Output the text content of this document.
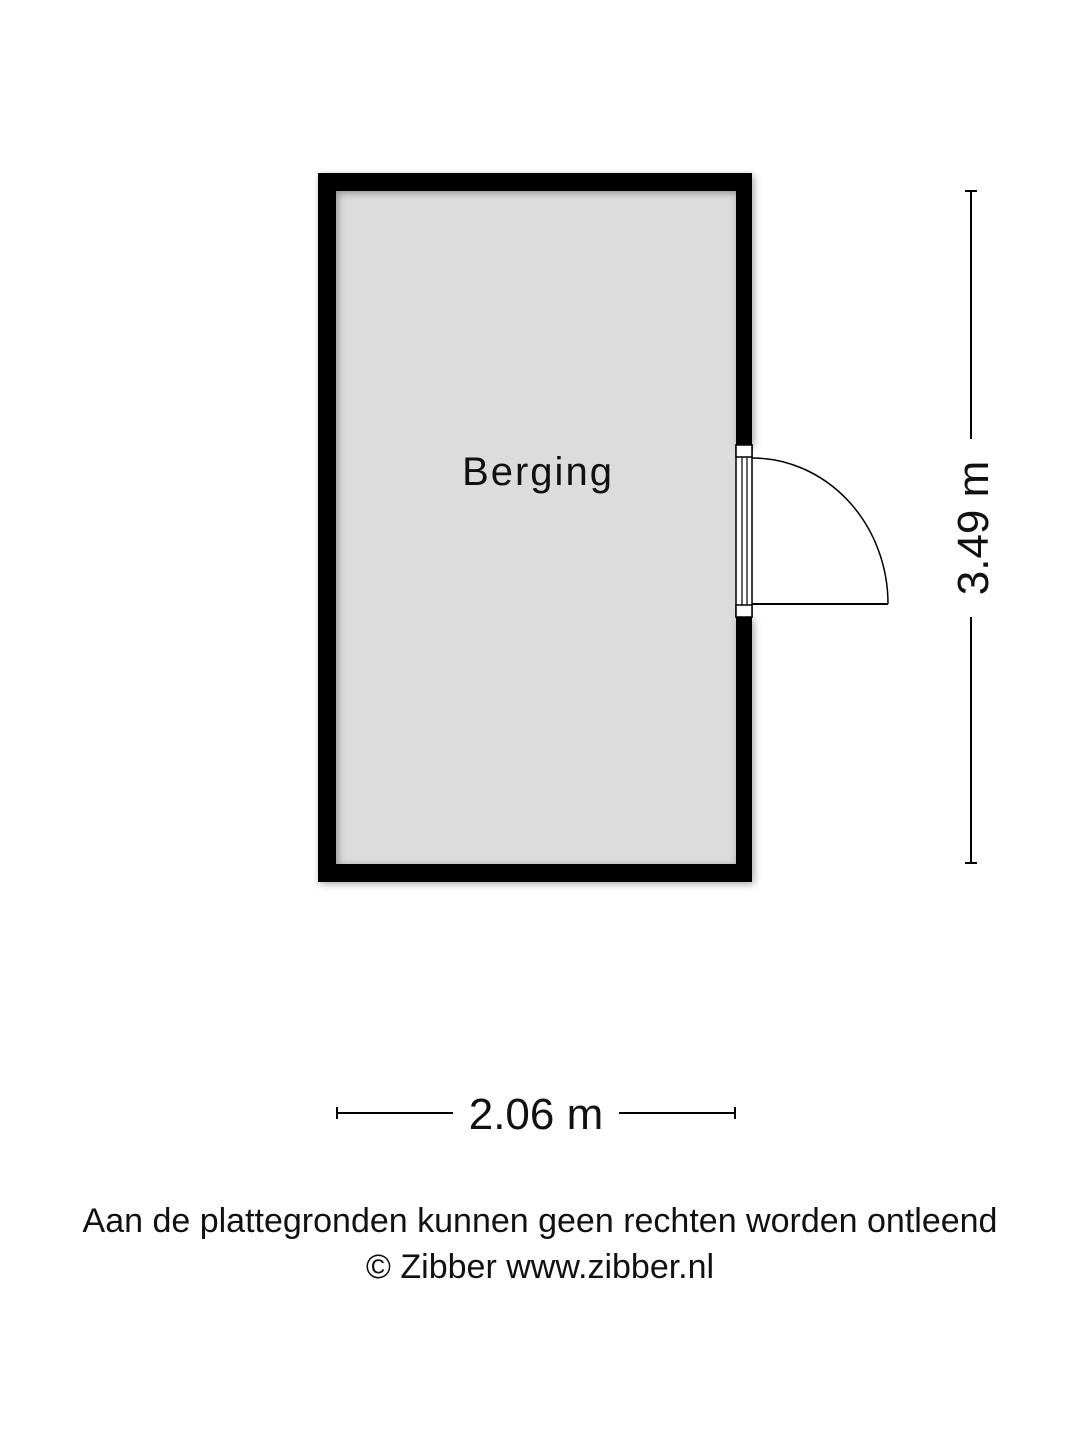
Berging	3.49 m
2.06 m
Aan de plattegronden kunnen geen rechten worden ontleend
© Zibber www.zibber.nl
